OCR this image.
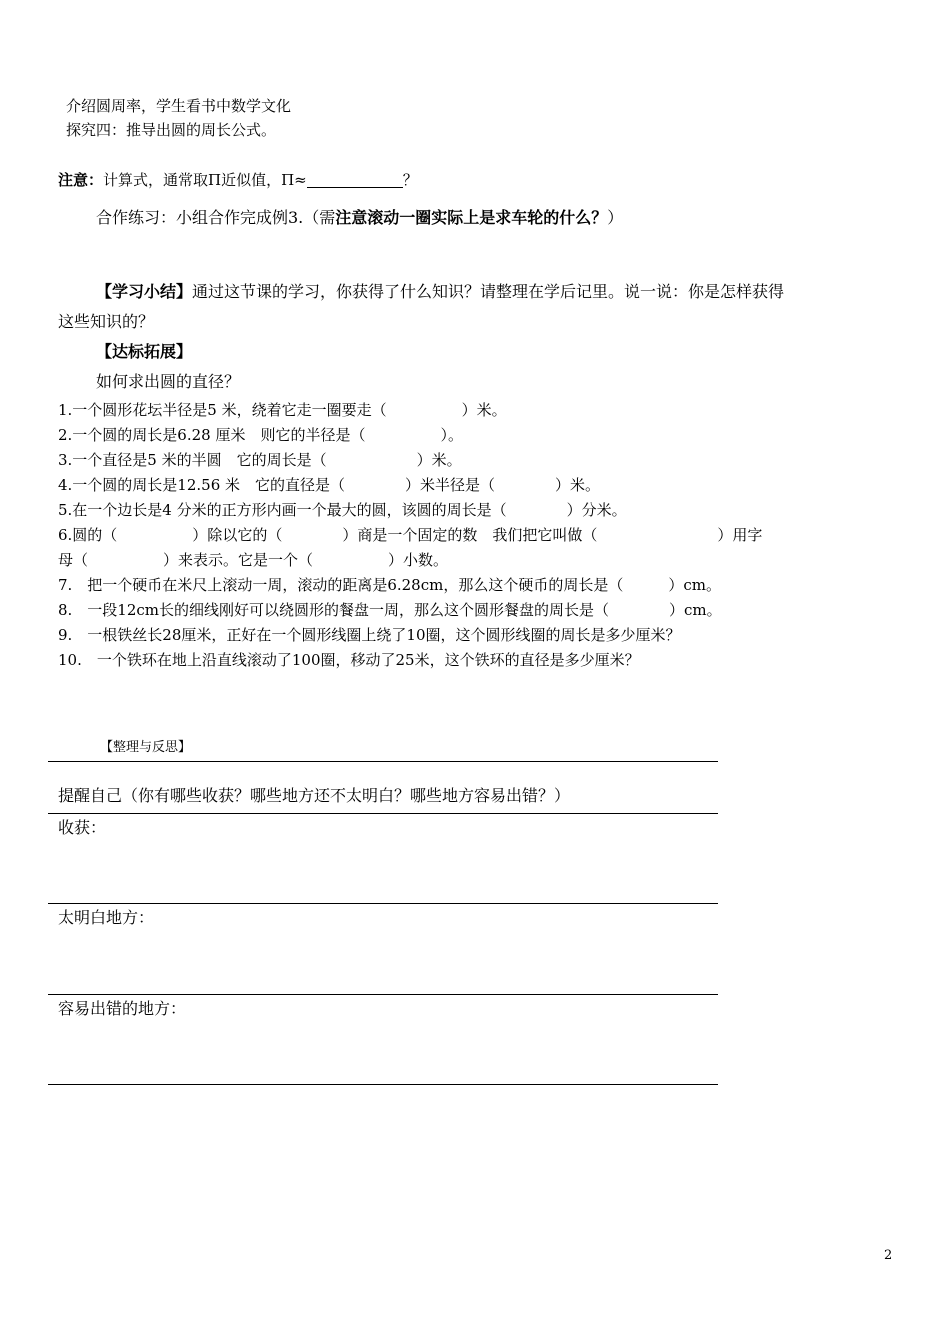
介绍圆周率，学生看书中数学文化
探究四：推导出圆的周长公式。
注意：计算式，通常取Π近似值，Π≈	？
合作练习：小组合作完成例3.（需注意滚动一圈实际上是求车轮的什么？）
【学习小结】通过这节课的学习，你获得了什么知识？请整理在学后记里。说一说：你是怎样获得
这些知识的？
【达标拓展】
如何求出圆的直径？
1.一个圆形花坛半径是5 米，绕着它走一圈要走（　　　　　）米。
2.一个圆的周长是6.28 厘米　则它的半径是（　　　　　）。
3.一个直径是5 米的半圆　它的周长是（　　　　　　）米。
4.一个圆的周长是12.56 米　它的直径是（　　　　）米半径是（　　　　）米。
5.在一个边长是4 分米的正方形内画一个最大的圆，该圆的周长是（　　　　）分米。
6.圆的（　　　　　）除以它的（　　　　）商是一个固定的数　我们把它叫做（　　　　　　　　）用字
母（　　　　　）来表示。它是一个（　　　　　）小数。
7.　把一个硬币在米尺上滚动一周，滚动的距离是6.28cm，那么这个硬币的周长是（　　　）cm。
8.　一段12cm长的细线刚好可以绕圆形的餐盘一周，那么这个圆形餐盘的周长是（　　　　）cm。
9.　一根铁丝长28厘米，正好在一个圆形线圈上绕了10圈，这个圆形线圈的周长是多少厘米？
10.　一个铁环在地上沿直线滚动了100圈，移动了25米，这个铁环的直径是多少厘米？
【整理与反思】
提醒自己（你有哪些收获？哪些地方还不太明白？哪些地方容易出错？）
收获：
太明白地方：
容易出错的地方：
2
